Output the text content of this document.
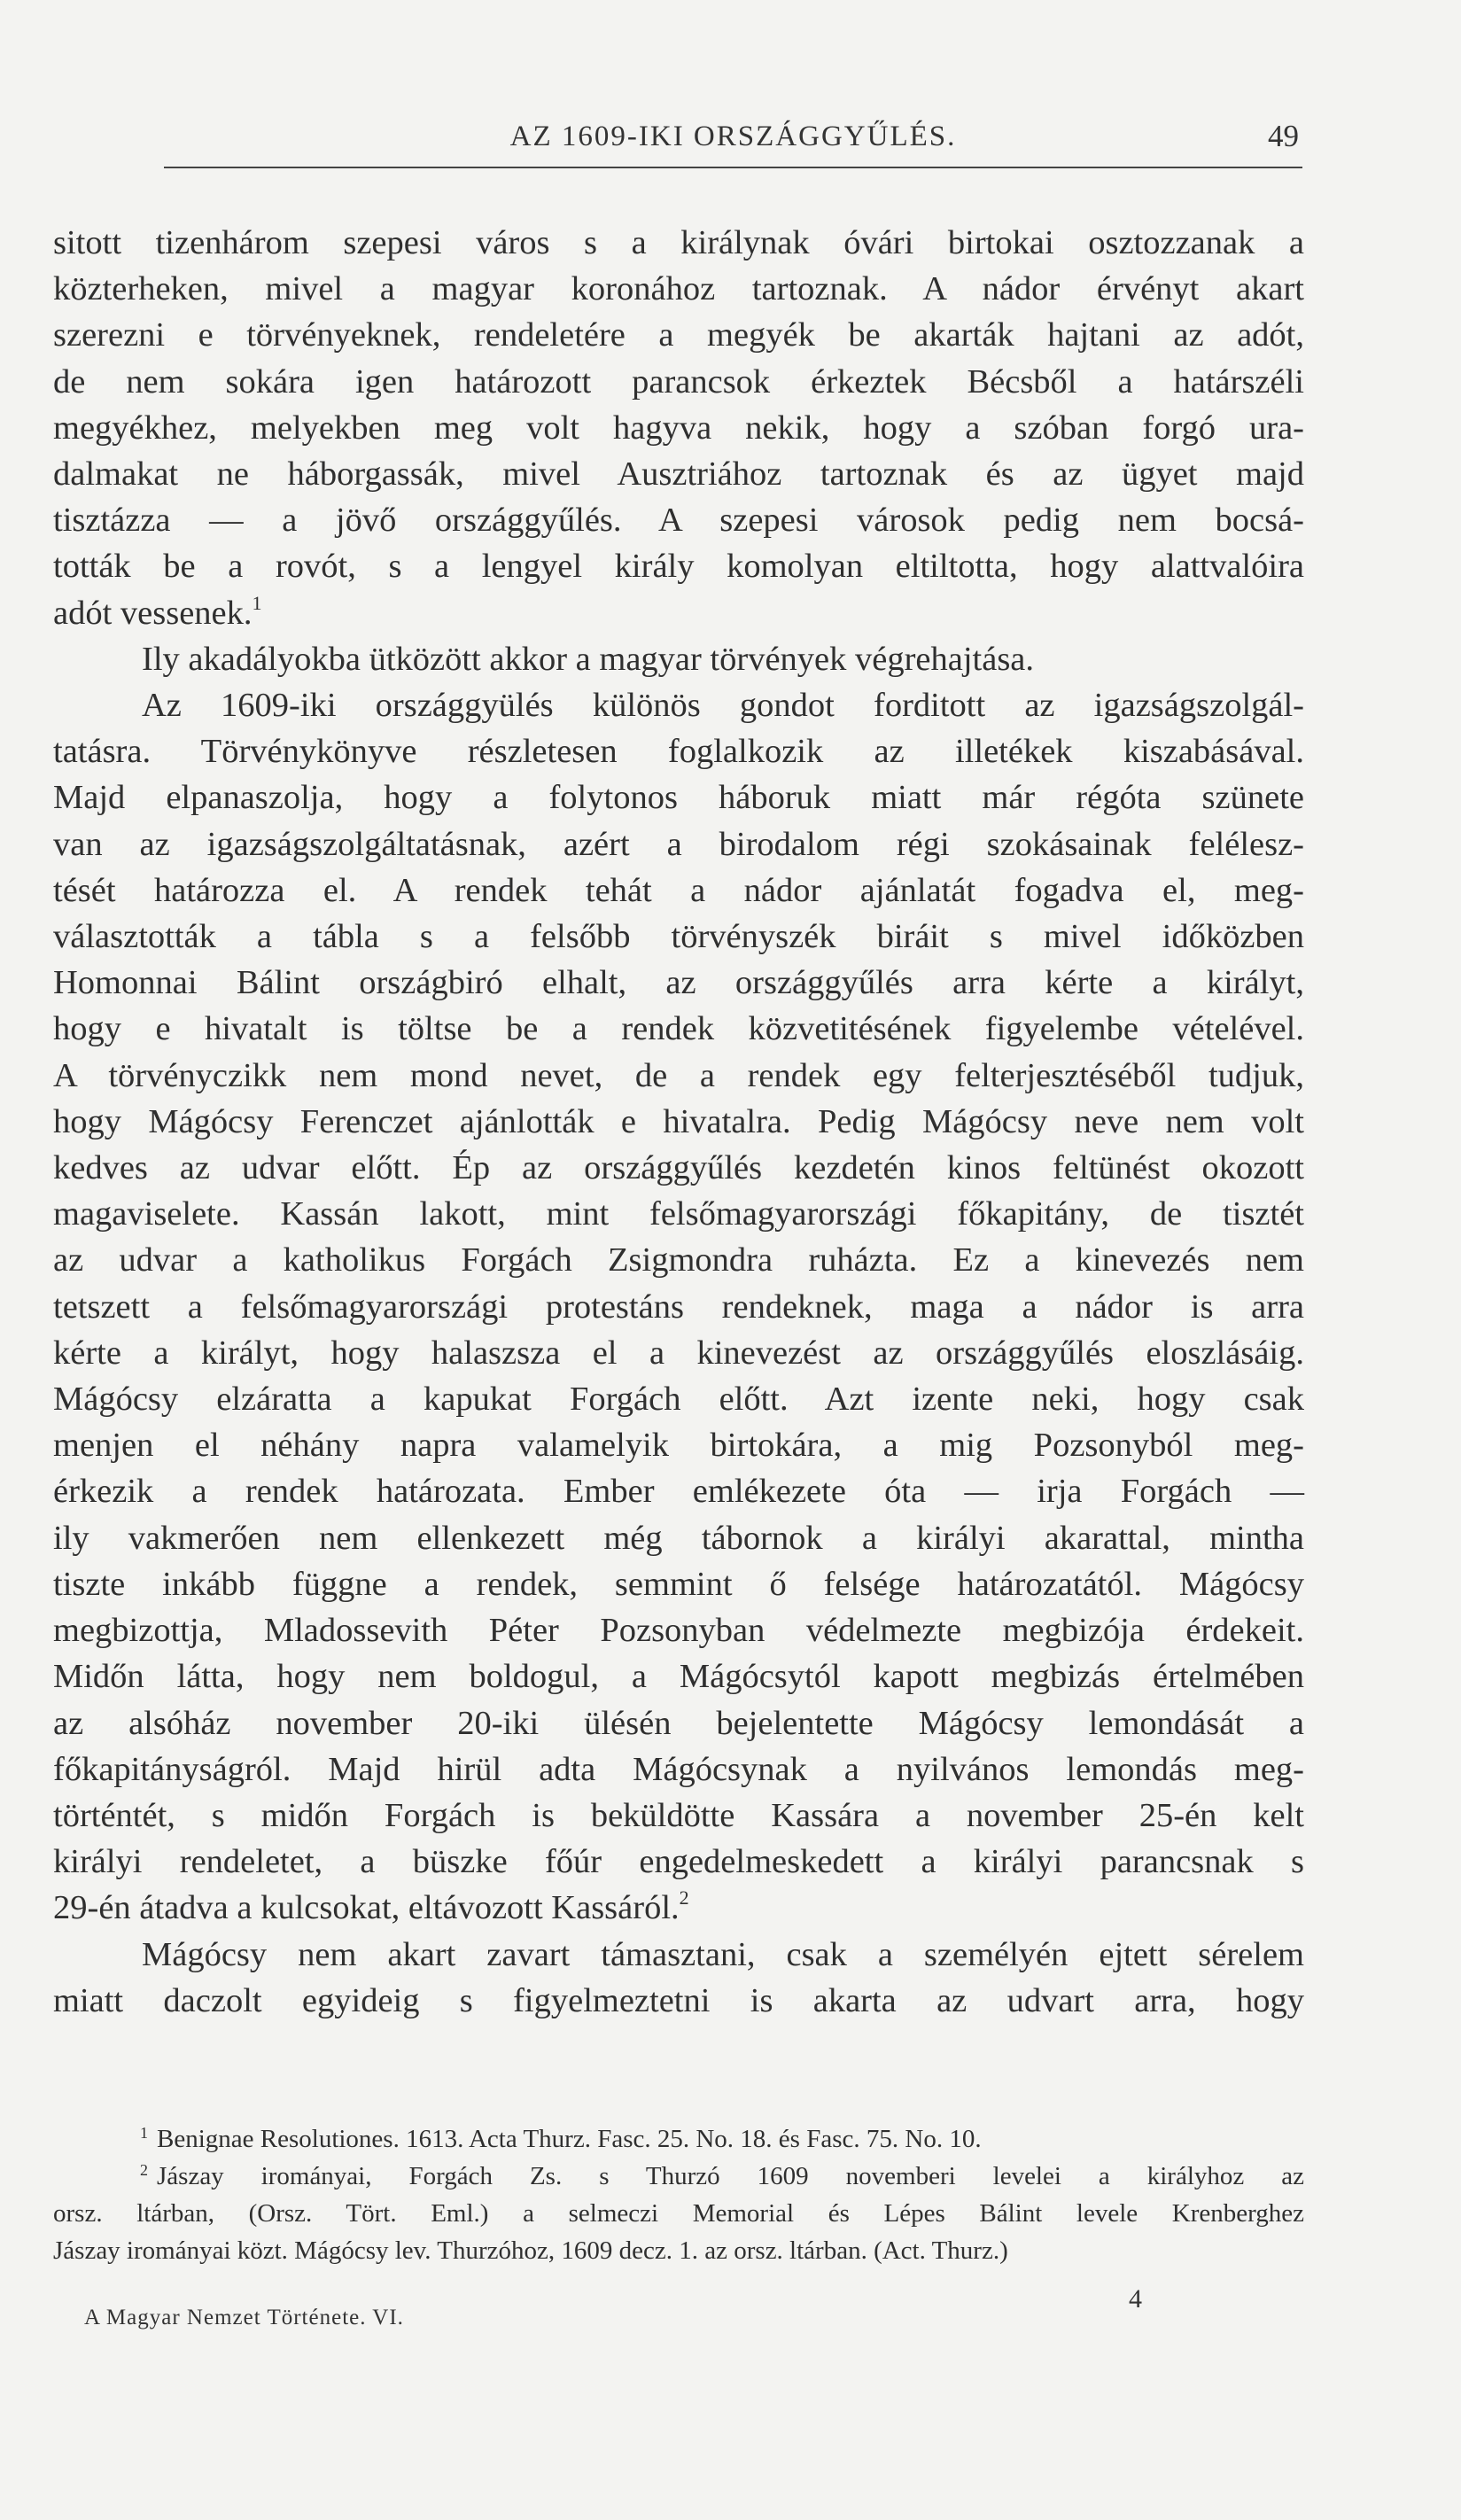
AZ 1609-IKI ORSZÁGGYŰLÉS.	49

sitott tizenhárom szepesi város s a királynak óvári birtokai osztozzanak a

közterheken, mivel a magyar koronához tartoznak. A nádor érvényt akart

szerezni e törvényeknek, rendeletére a megyék be akarták hajtani az adót,

de nem sokára igen határozott parancsok érkeztek Bécsből a határszéli

megyékhez, melyekben meg volt hagyva nekik, hogy a szóban forgó ura-

dalmakat ne háborgassák, mivel Ausztriához tartoznak és az ügyet majd

tisztázza — a jövő országgyűlés. A szepesi városok pedig nem bocsá-

tották be a rovót, s a lengyel király komolyan eltiltotta, hogy alattvalóira

adót vessenek.$^1$

Ily akadályokba ütközött akkor a magyar törvények végrehajtása.

Az 1609-iki országgyülés különös gondot forditott az igazságszolgál-

tatásra. Törvénykönyve részletesen foglalkozik az illetékek kiszabásával.

Majd elpanaszolja, hogy a folytonos háboruk miatt már régóta szünete

van az igazságszolgáltatásnak, azért a birodalom régi szokásainak felélesz-

tését határozza el. A rendek tehát a nádor ajánlatát fogadva el, meg-

választották a tábla s a felsőbb törvényszék biráit s mivel időközben

Homonnai Bálint országbiró elhalt, az országgyűlés arra kérte a királyt,

hogy e hivatalt is töltse be a rendek közvetitésének figyelembe vételével.

A törvényczikk nem mond nevet, de a rendek egy felterjesztéséből tudjuk,

hogy Mágócsy Ferenczet ajánlották e hivatalra. Pedig Mágócsy neve nem volt

kedves az udvar előtt. Ép az országgyűlés kezdetén kinos feltünést okozott

magaviselete. Kassán lakott, mint felsőmagyarországi főkapitány, de tisztét

az udvar a katholikus Forgách Zsigmondra ruházta. Ez a kinevezés nem

tetszett a felsőmagyarországi protestáns rendeknek, maga a nádor is arra

kérte a királyt, hogy halaszsza el a kinevezést az országgyűlés eloszlásáig.

Mágócsy elzáratta a kapukat Forgách előtt. Azt izente neki, hogy csak

menjen el néhány napra valamelyik birtokára, a mig Pozsonyból meg-

érkezik a rendek határozata. Ember emlékezete óta — irja Forgách —

ily vakmerően nem ellenkezett még tábornok a királyi akarattal, mintha

tiszte inkább függne a rendek, semmint ő felsége határozatától. Mágócsy

megbizottja, Mladossevith Péter Pozsonyban védelmezte megbizója érdekeit.

Midőn látta, hogy nem boldogul, a Mágócsytól kapott megbizás értelmében

az alsóház november 20-iki ülésén bejelentette Mágócsy lemondását a

főkapitányságról. Majd hirül adta Mágócsynak a nyilvános lemondás meg-

történtét, s midőn Forgách is beküldötte Kassára a november 25-én kelt

királyi rendeletet, a büszke főúr engedelmeskedett a királyi parancsnak s

29-én átadva a kulcsokat, eltávozott Kassáról.$^2$

Mágócsy nem akart zavart támasztani, csak a személyén ejtett sérelem

miatt daczolt egyideig s figyelmeztetni is akarta az udvart arra, hogy

$^1$ Benignae Resolutiones. 1613. Acta Thurz. Fasc. 25. No. 18. és Fasc. 75. No. 10.

$^2$ Jászay irományai, Forgách Zs. s Thurzó 1609 novemberi levelei a királyhoz az

orsz. ltárban, (Orsz. Tört. Eml.) a selmeczi Memorial és Lépes Bálint levele Krenberghez

Jászay irományai közt. Mágócsy lev. Thurzóhoz, 1609 decz. 1. az orsz. ltárban. (Act. Thurz.)

A Magyar Nemzet Története. VI.
4
